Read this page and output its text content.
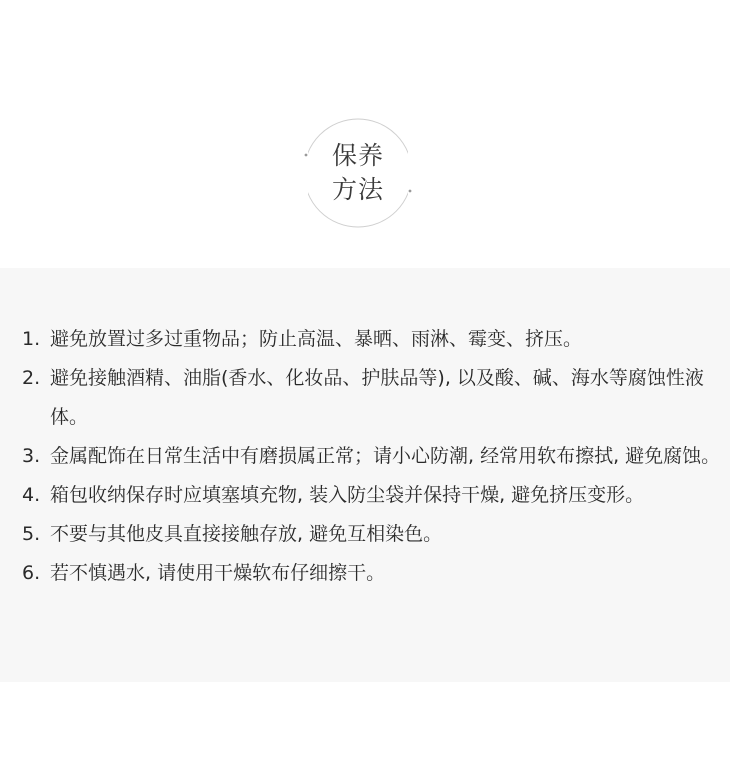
保养
方法
1. 避免放置过多过重物品；防止高温、暴晒、雨淋、霉变、挤压。
2. 避免接触酒精、油脂(香水、化妆品、护肤品等), 以及酸、碱、海水等腐蚀性液体。
3. 金属配饰在日常生活中有磨损属正常；请小心防潮, 经常用软布擦拭, 避免腐蚀。
4. 箱包收纳保存时应填塞填充物, 装入防尘袋并保持干燥, 避免挤压变形。
5. 不要与其他皮具直接接触存放, 避免互相染色。
6. 若不慎遇水, 请使用干燥软布仔细擦干。
